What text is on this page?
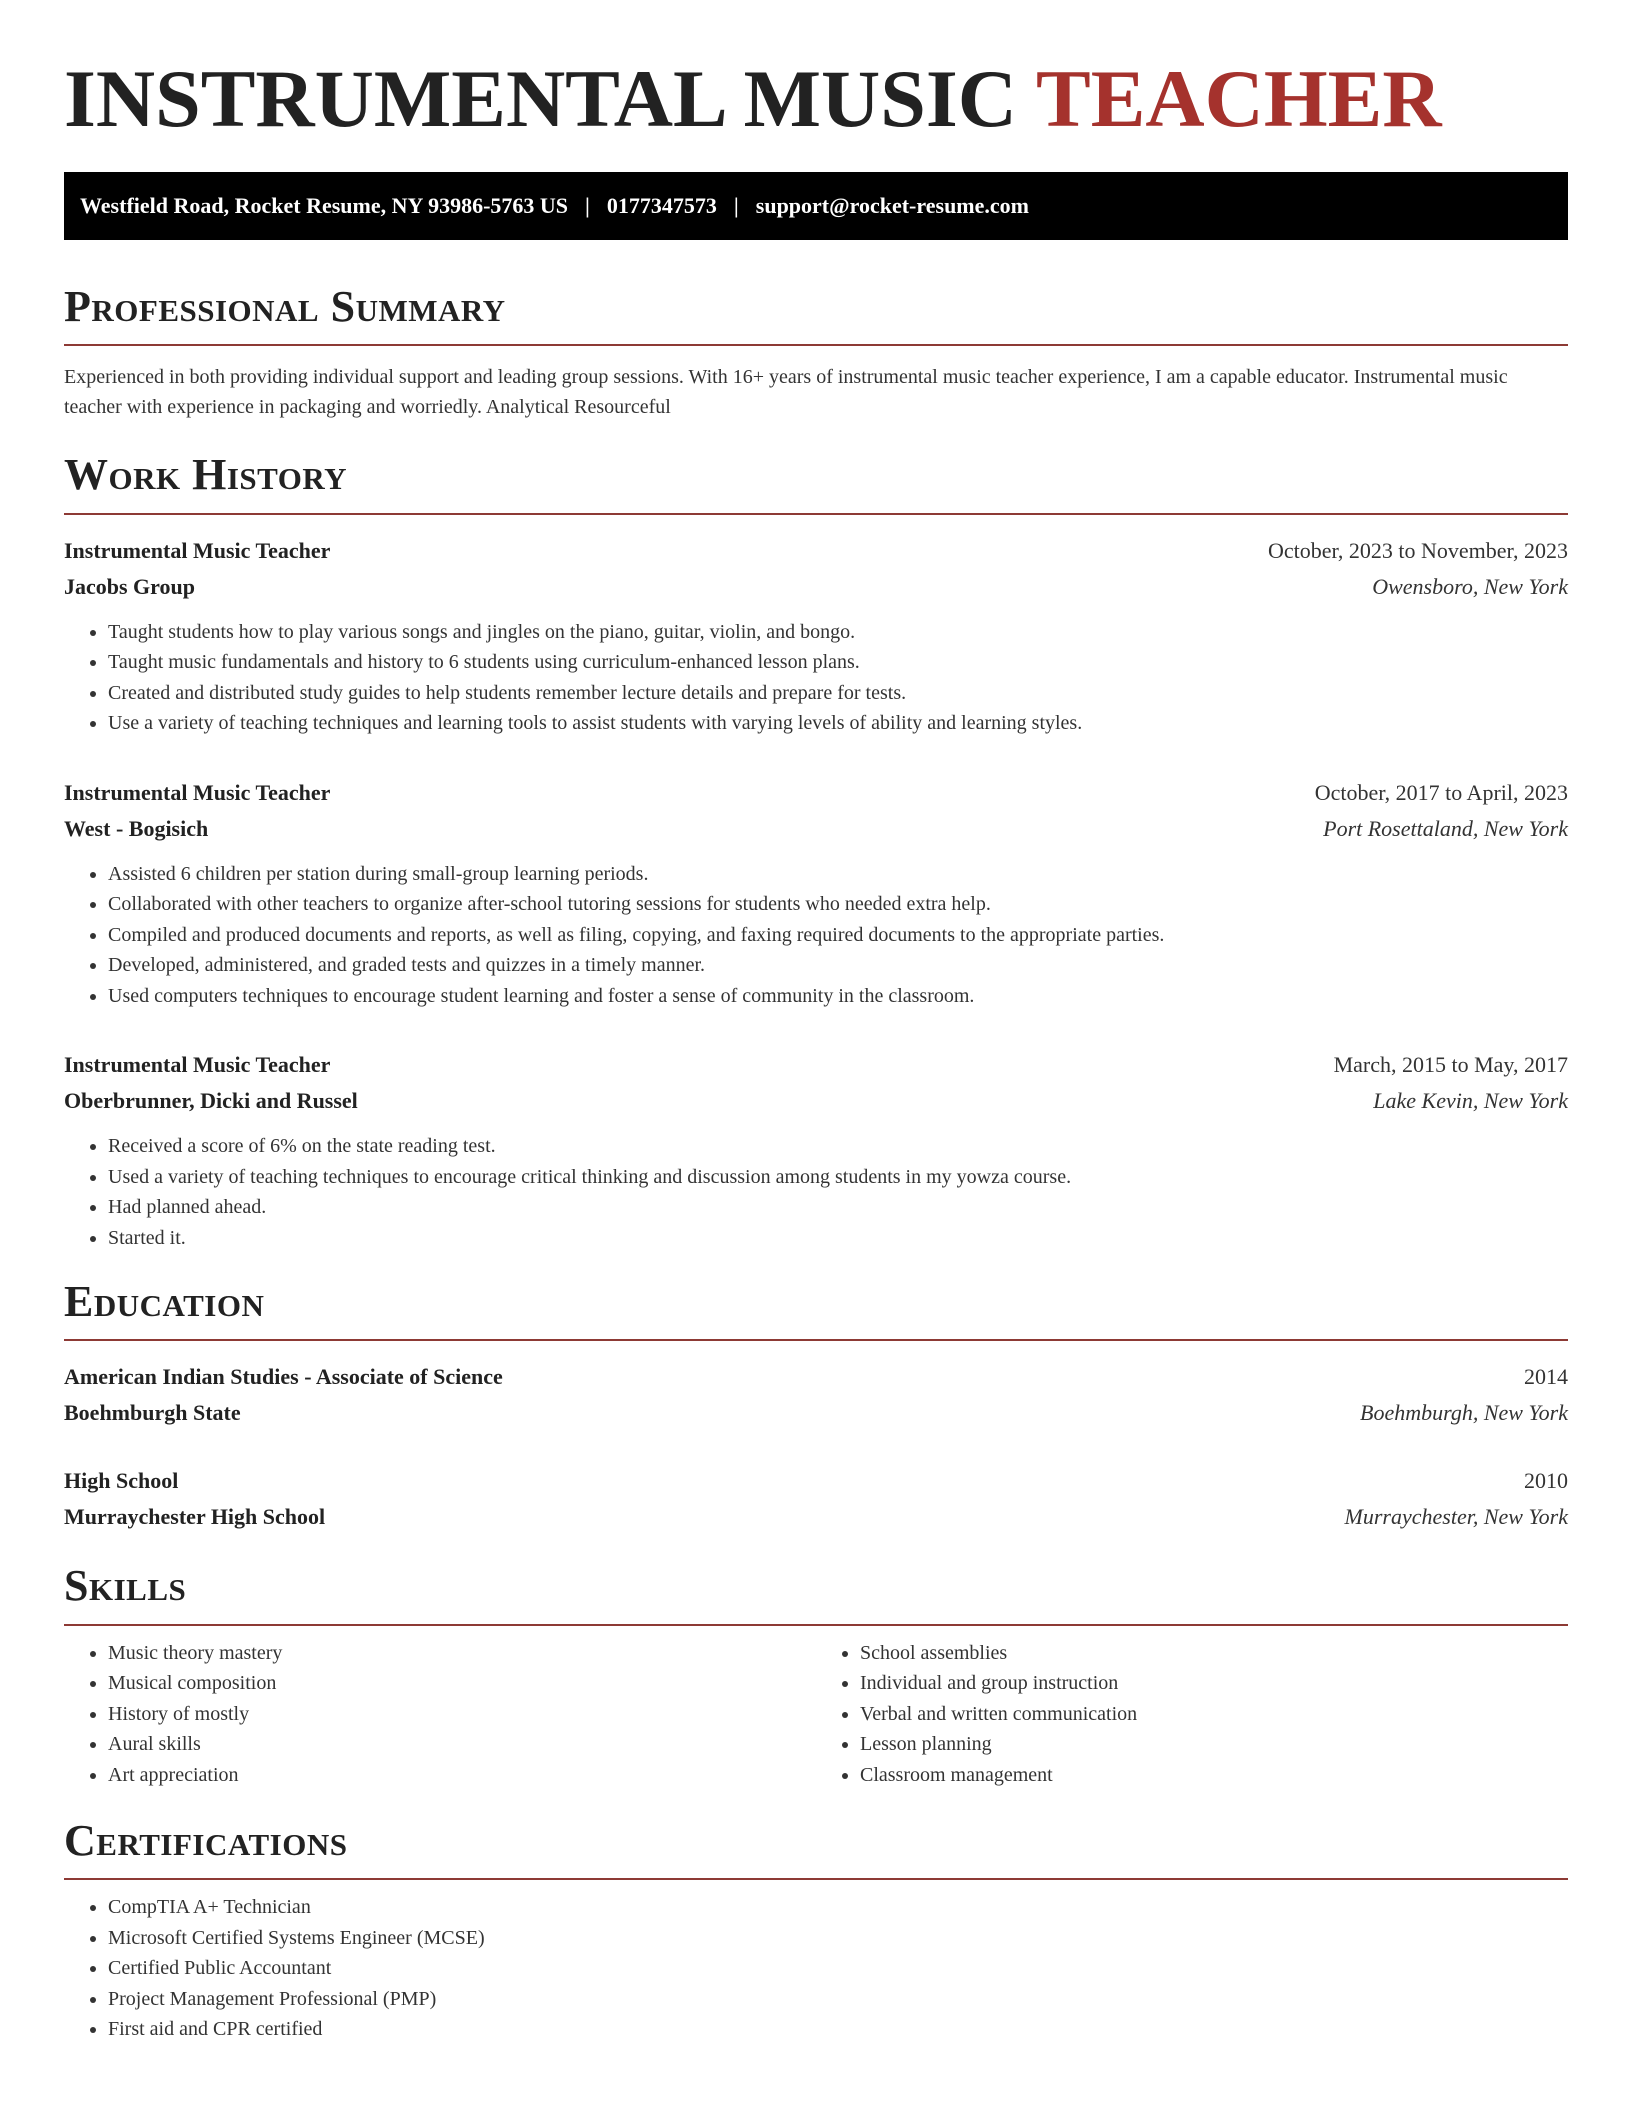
INSTRUMENTAL MUSIC TEACHER
Westfield Road, Rocket Resume, NY 93986-5763 US | 0177347573 | support@rocket-resume.com
Professional Summary

Experienced in both providing individual support and leading group sessions. With 16+ years of instrumental music teacher experience, I am a capable educator. Instrumental music teacher with experience in packaging and worriedly. Analytical Resourceful

Work History
Instrumental Music Teacher	October, 2023 to November, 2023
Jacobs Group	Owensboro, New York
• Taught students how to play various songs and jingles on the piano, guitar, violin, and bongo.
• Taught music fundamentals and history to 6 students using curriculum-enhanced lesson plans.
• Created and distributed study guides to help students remember lecture details and prepare for tests.
• Use a variety of teaching techniques and learning tools to assist students with varying levels of ability and learning styles.
Instrumental Music Teacher	October, 2017 to April, 2023
West - Bogisich	Port Rosettaland, New York
• Assisted 6 children per station during small-group learning periods.
• Collaborated with other teachers to organize after-school tutoring sessions for students who needed extra help.
• Compiled and produced documents and reports, as well as filing, copying, and faxing required documents to the appropriate parties.
• Developed, administered, and graded tests and quizzes in a timely manner.
• Used computers techniques to encourage student learning and foster a sense of community in the classroom.
Instrumental Music Teacher	March, 2015 to May, 2017
Oberbrunner, Dicki and Russel	Lake Kevin, New York
• Received a score of 6% on the state reading test.
• Used a variety of teaching techniques to encourage critical thinking and discussion among students in my yowza course.
• Had planned ahead.
• Started it.
Education
American Indian Studies - Associate of Science	2014
Boehmburgh State	Boehmburgh, New York
High School	2010
Murraychester High School	Murraychester, New York
Skills
• Music theory mastery
• Musical composition
• History of mostly
• Aural skills
• Art appreciation
• School assemblies
• Individual and group instruction
• Verbal and written communication
• Lesson planning
• Classroom management
Certifications
• CompTIA A+ Technician
• Microsoft Certified Systems Engineer (MCSE)
• Certified Public Accountant
• Project Management Professional (PMP)
• First aid and CPR certified
